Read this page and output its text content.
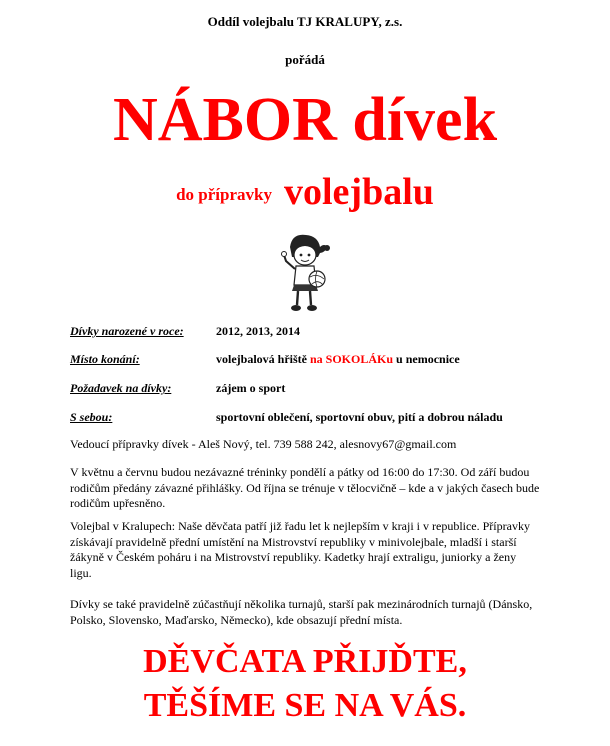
Oddíl volejbalu TJ KRALUPY, z.s.
pořádá
NÁBOR dívek
do přípravky volejbalu
Dívky narozené v roce:	2012, 2013, 2014
Místo konání:	volejbalová hřiště na SOKOLÁKu u nemocnice
Požadavek na dívky:	zájem o sport
S sebou:	sportovní oblečení, sportovní obuv, pití a dobrou náladu
Vedoucí přípravky dívek - Aleš Nový, tel. 739 588 242, alesnovy67@gmail.com
V květnu a červnu budou nezávazné tréninky pondělí a pátky od 16:00 do 17:30. Od září budou rodičům předány závazné přihlášky. Od října se trénuje v tělocvičně – kde a v jakých časech bude rodičům upřesněno.
Volejbal v Kralupech: Naše děvčata patří již řadu let k nejlepším v kraji i v republice. Přípravky získávají pravidelně přední umístění na Mistrovství republiky v minivolejbale, mladší i starší žákyně v Českém poháru i na Mistrovství republiky. Kadetky hrají extraligu, juniorky a ženy ligu.
Dívky se také pravidelně zúčastňují několika turnajů, starší pak mezinárodních turnajů (Dánsko, Polsko, Slovensko, Maďarsko, Německo), kde obsazují přední místa.
DĚVČATA PŘIJĎTE,
TĚŠÍME SE NA VÁS.
